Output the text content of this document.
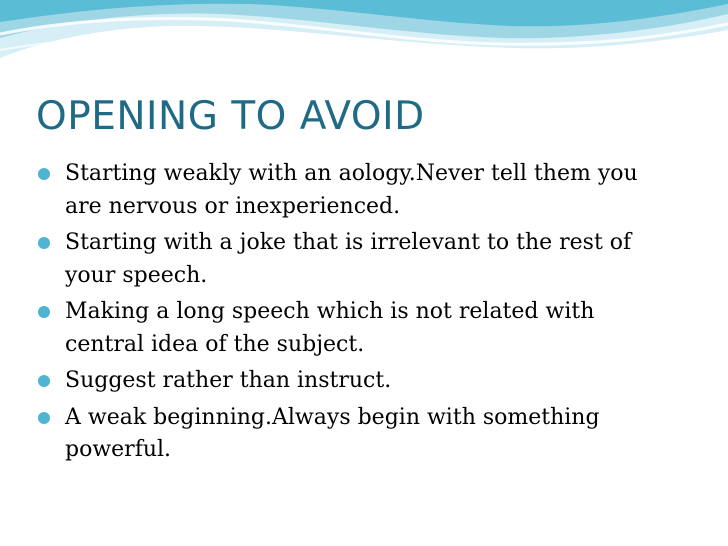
OPENING TO AVOID
Starting weakly with an aology.Never tell them you are nervous or inexperienced.
Starting with a joke that is irrelevant to the rest of your speech.
Making a long speech which is not related with central idea of the subject.
Suggest rather than instruct.
A weak beginning.Always begin with something powerful.
